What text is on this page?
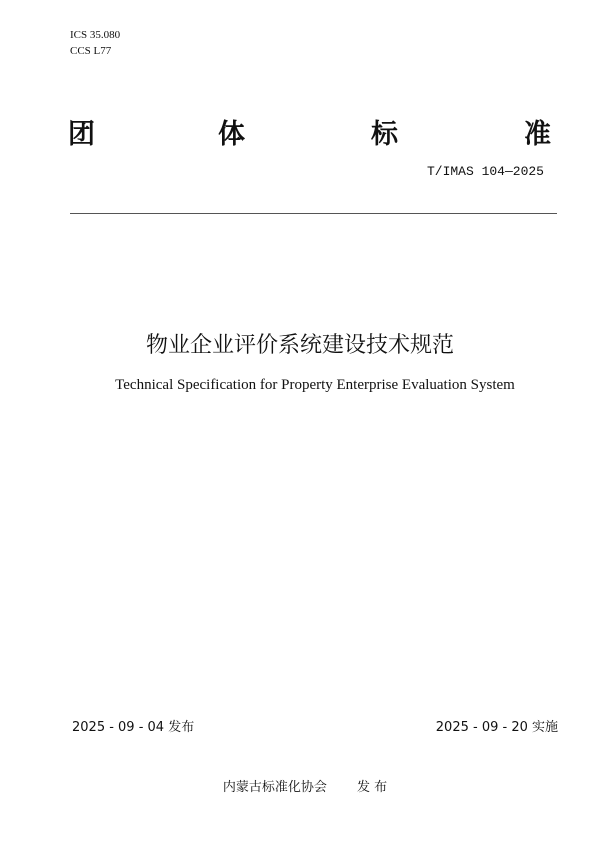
ICS 35.080
CCS L77
团	体	标	准
T/IMAS 104—2025
物业企业评价系统建设技术规范
Technical Specification for Property Enterprise Evaluation System
2025 - 09 - 04 发布	2025 - 09 - 20 实施
内蒙古标准化协会　　 发 布
